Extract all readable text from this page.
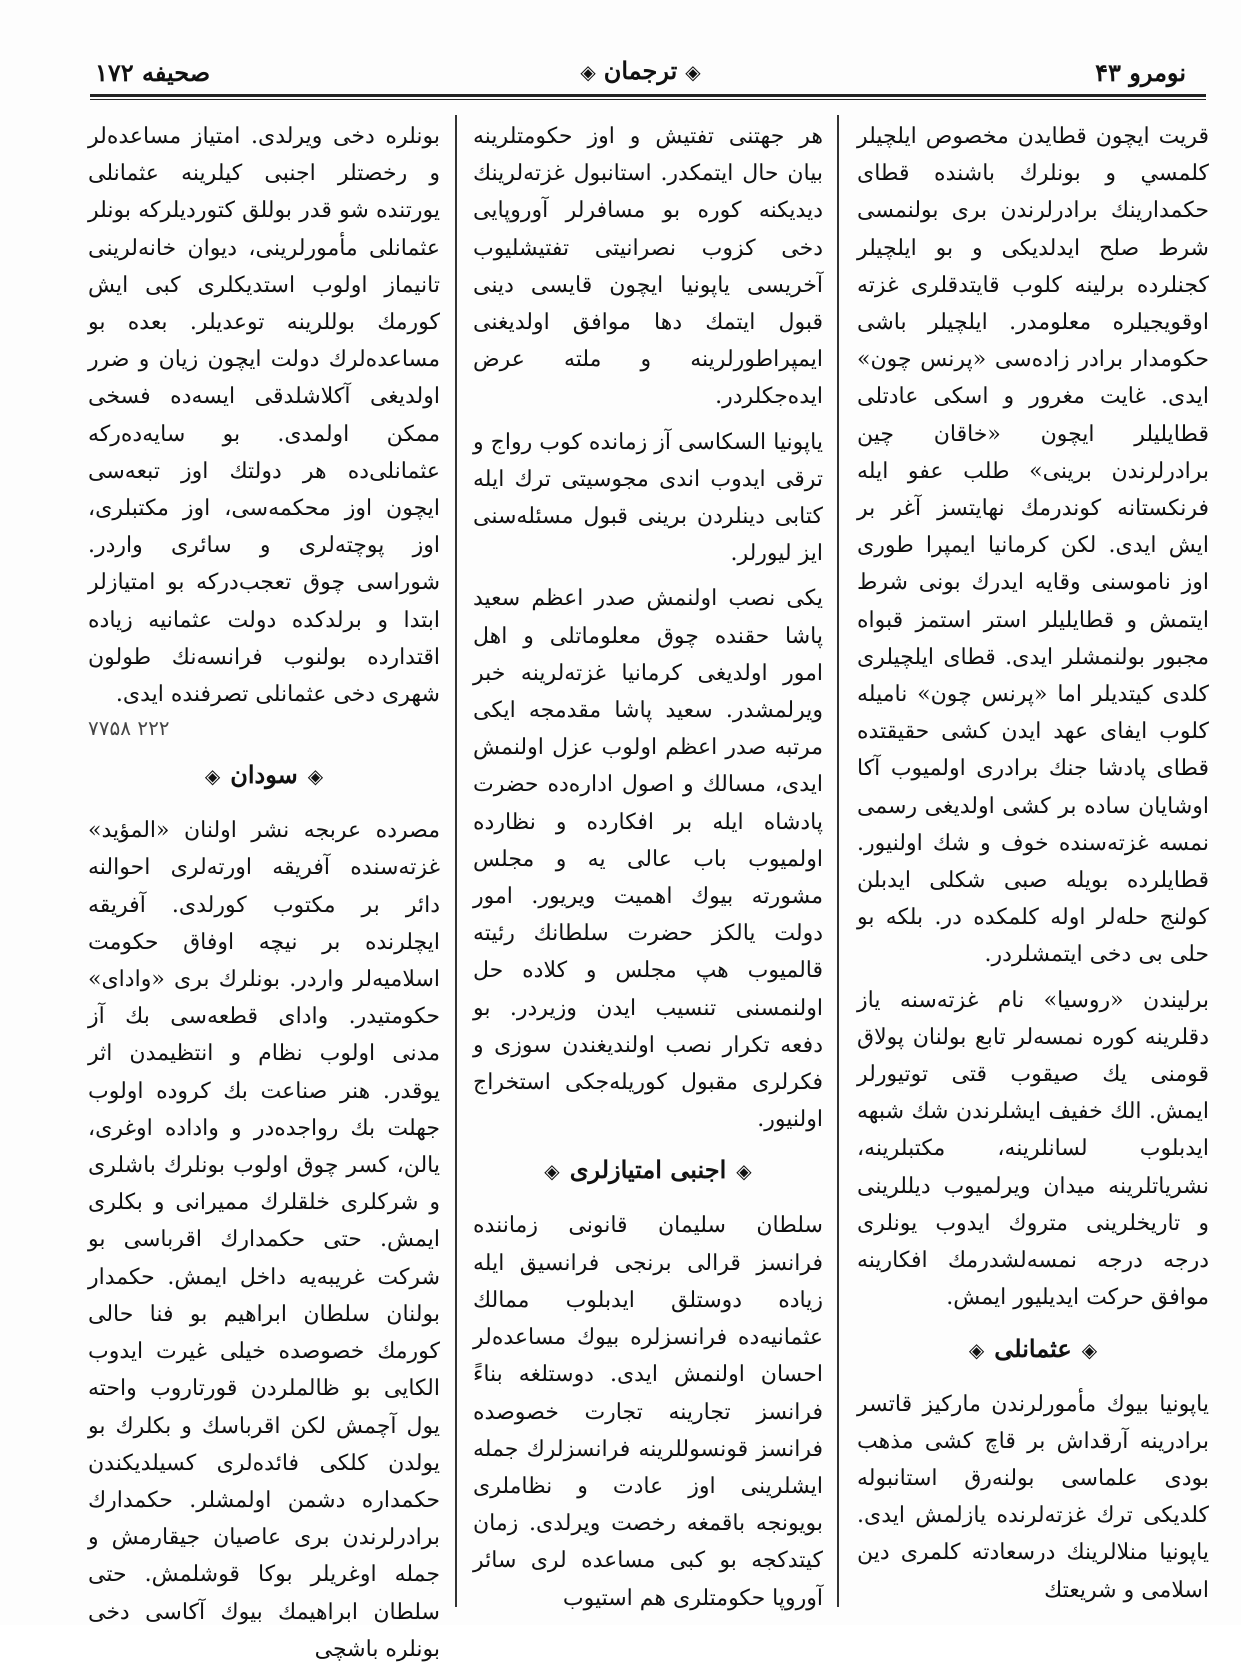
نومرو ۴۳
◈ترجمان◈
صحيفه ۱۷۲

قريت ايچون قطايدن مخصوص ايلچيلر كلمسي و بونلرك باشنده قطاى حكمدارينك برادرلرندن برى بولنمسى شرط صلح ايدلديكى و بو ايلچيلر كجنلرده برلينه كلوب قايتدقلرى غزته اوقويجيلره معلومدر. ايلچيلر باشى حكومدار برادر زاده‌سى «پرنس چون» ايدى. غايت مغرور و اسكى عادتلى قطايليلر ايچون «خاقان چين برادرلرندن برينى» طلب عفو ايله فرنكستانه كوندرمك نهايتسز آغر بر ايش ايدى. لكن كرمانيا ايمپرا طورى اوز ناموسنى وقايه ايدرك بونى شرط ايتمش و قطايليلر استر استمز قبواه مجبور بولنمشلر ايدى. قطاى ايلچيلرى كلدى كيتديلر اما «پرنس چون» ناميله كلوب ايفاى عهد ايدن كشى حقيقتده قطاى پادشا جنك برادرى اولميوب آكا اوشايان ساده بر كشى اولديغى رسمى نمسه غزته‌سنده خوف و شك اولنيور. قطايلرده بويله صبى شكلى ايدبلن كولنج حله‌لر اوله كلمكده در. بلكه بو حلى بى دخى ايتمشلردر.

برليندن «روسيا» نام غزته‌سنه ياز دقلرينه كوره نمسه‌لر تابع بولنان پولاق قومنى يك صيقوب قتى توتيورلر ايمش. الك خفيف ايشلرندن شك شبهه ايدبلوب لسانلرينه، مكتبلرينه، نشرياتلرينه ميدان ويرلميوب ديللرينى و تاريخلرينى متروك ايدوب يونلرى درجه درجه نمسه‌لشدرمك افكارينه موافق حركت ايديليور ايمش.

◈عثمانلى◈

ياپونيا بيوك مأمورلرندن ماركيز قاتسر برادرينه آرقداش بر قاچ كشى مذهب بودى علماسى بولنه‌رق استانبوله كلديكى ترك غزته‌لرنده يازلمش ايدى. ياپونيا منلالرينك درسعادته كلمرى دين اسلامى و شريعتك

هر جهتنى تفتيش و اوز حكومتلرينه بيان حال ايتمكدر. استانبول غزته‌لرينك ديديكنه كوره بو مسافرلر آوروپايى دخى كزوب نصرانيتى تفتيشليوب آخريسى ياپونيا ايچون قايسى دينى قبول ايتمك دها موافق اولديغنى ايمپراطورلرينه و ملته عرض ايده‌جكلردر.

ياپونيا السكاسى آز زمانده كوب رواج و ترقى ايدوب اندى مجوسيتى ترك ايله كتابى دينلردن برينى قبول مسئله‌سنى ايز ليورلر.

يكى نصب اولنمش صدر اعظم سعيد پاشا حقنده چوق معلوماتلى و اهل امور اولديغى كرمانيا غزته‌لرينه خبر ويرلمشدر. سعيد پاشا مقدمجه ايكى مرتبه صدر اعظم اولوب عزل اولنمش ايدى، مسالك و اصول اداره‌ده حضرت پادشاه ايله بر افكارده و نظارده اولميوب باب عالى يه و مجلس مشورته بيوك اهميت ويريور. امور دولت يالكز حضرت سلطانك رئيته قالميوب هپ مجلس و كلاده حل اولنمسنى تنسيب ايدن وزيردر. بو دفعه تكرار نصب اولنديغندن سوزى و فكرلرى مقبول كوريله‌جكى استخراج اولنيور.

◈اجنبى امتيازلرى◈

سلطان سليمان قانونى زماننده فرانسز قرالى برنجى فرانسيق ايله زياده دوستلق ايدبلوب ممالك عثمانيه‌ده فرانسزلره بيوك مساعده‌لر احسان اولنمش ايدى. دوستلغه بناءً فرانسز تجارينه تجارت خصوصده فرانسز قونسوللرينه فرانسزلرك جمله ايشلرينى اوز عادت و نظاملرى بويونجه باقمغه رخصت ويرلدى. زمان كيتدكجه بو كبى مساعده لرى سائر آوروپا حكومتلرى هم استيوب

بونلره دخى ويرلدى. امتياز مساعده‌لر و رخصتلر اجنبى كيلرينه عثمانلى يورتنده شو قدر بوللق كتورديلركه بونلر عثمانلى مأمورلرينى، ديوان خانه‌لرينى تانيماز اولوب استديكلرى كبى ايش كورمك بوللرينه توعديلر. بعده بو مساعده‌لرك دولت ايچون زيان و ضرر اولديغى آكلاشلدقى ايسه‌ده فسخى ممكن اولمدى. بو سايه‌ده‌ركه عثمانلى‌ده هر دولتك اوز تبعه‌سى ايچون اوز محكمه‌سى، اوز مكتبلرى، اوز پوچته‌لرى و سائرى واردر. شوراسى چوق تعجب‌دركه بو امتيازلر ابتدا و برلدكده دولت عثمانيه زياده اقتدارده بولنوب فرانسه‌نك طولون شهرى دخى عثمانلى تصرفنده ايدى.

۷۷۵۸ ۲۲۲
◈سودان◈

مصرده عربجه نشر اولنان «المؤيد» غزته‌سنده آفريقه اورته‌لرى احوالنه دائر بر مكتوب كورلدى. آفريقه ايچلرنده بر نيچه اوفاق حكومت اسلاميه‌لر واردر. بونلرك برى «واداى» حكومتيدر. واداى قطعه‌سى بك آز مدنى اولوب نظام و انتظيمدن اثر يوقدر. هنر صناعت بك كروده اولوب جهلت بك رواجده‌در و واداده اوغرى، يالن، كسر چوق اولوب بونلرك باشلرى و شركلرى خلقلرك مميرانى و بكلرى ايمش. حتى حكمدارك اقرباسى بو شركت غريبه‌يه داخل ايمش. حكمدار بولنان سلطان ابراهيم بو فنا حالى كورمك خصوصده خيلى غيرت ايدوب الكايى بو ظالملردن قورتاروب واحته يول آچمش لكن اقرباسك و بكلرك بو يولدن كلكى فائده‌لرى كسيلديكندن حكمداره دشمن اولمشلر. حكمدارك برادرلرندن برى عاصيان جيقارمش و جمله اوغريلر بوكا قوشلمش. حتى سلطان ابراهيمك بيوك آكاسى دخى بونلره باشچى
